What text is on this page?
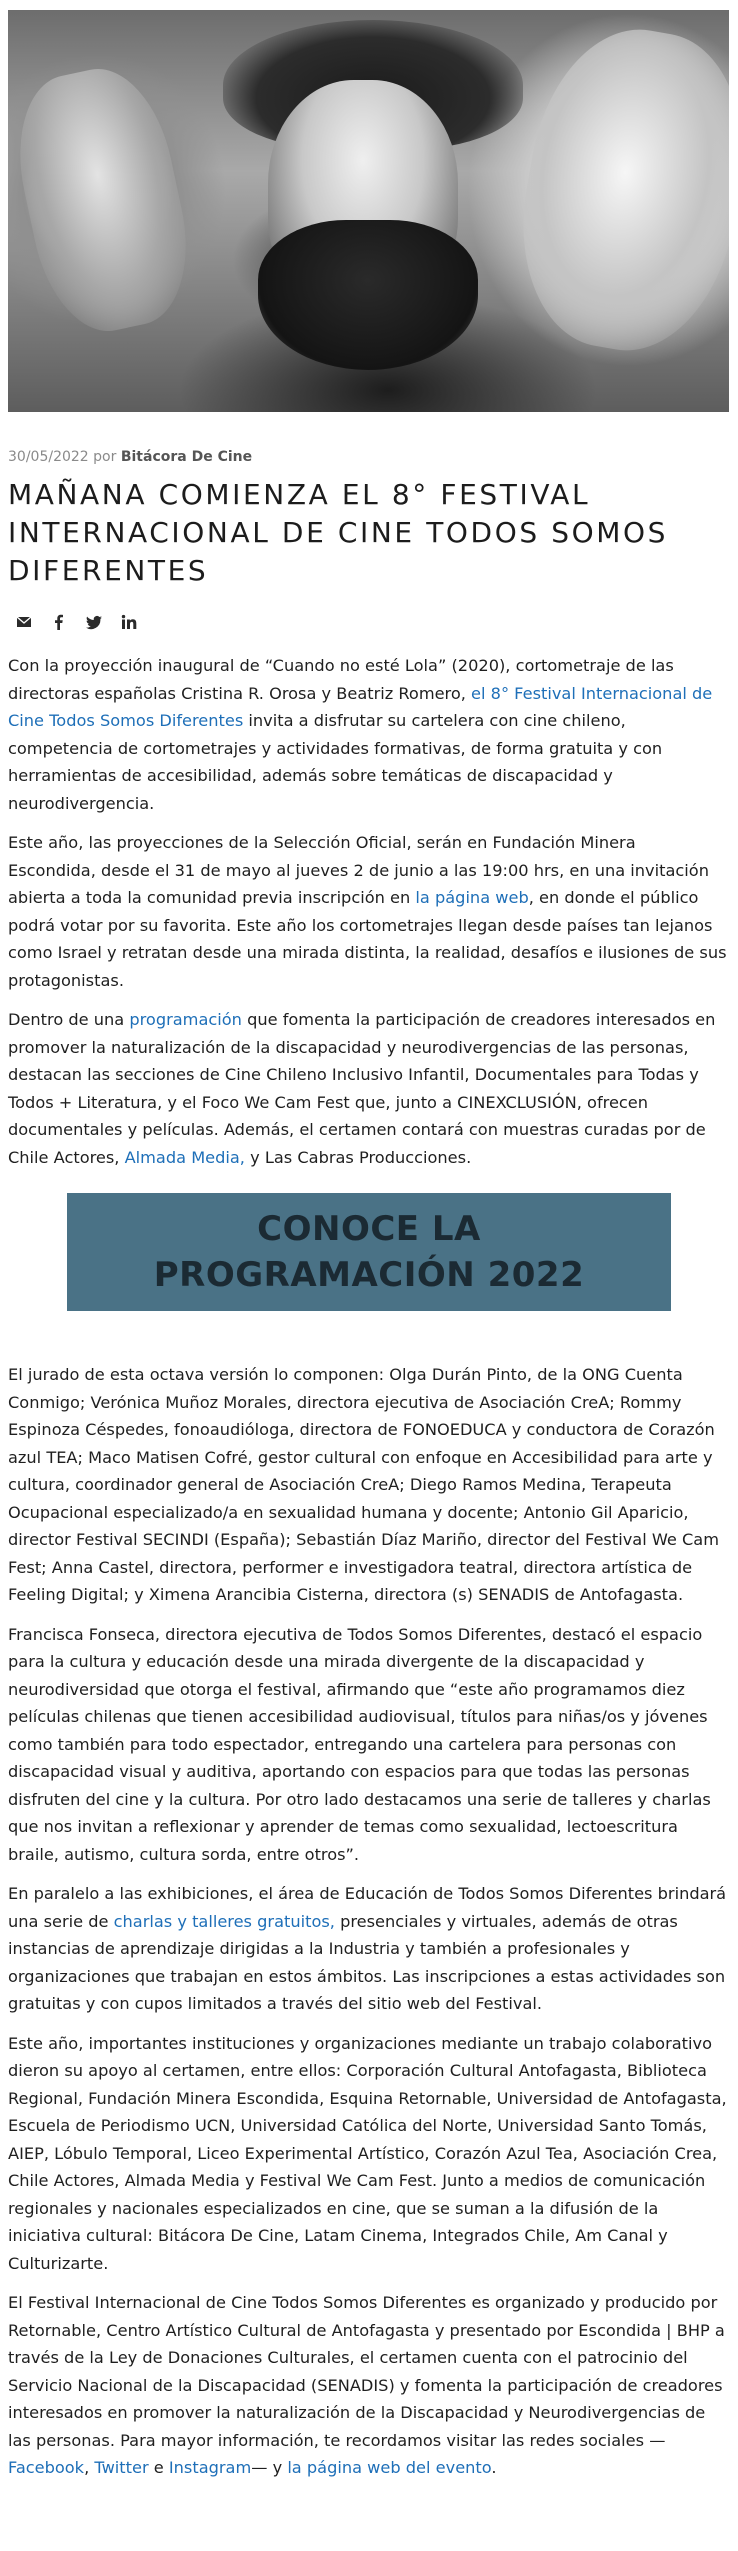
30/05/2022 por Bitácora De Cine
MAÑANA COMIENZA EL 8° FESTIVAL INTERNACIONAL DE CINE TODOS SOMOS DIFERENTES

Con la proyección inaugural de “Cuando no esté Lola” (2020), cortometraje de las directoras españolas Cristina R. Orosa y Beatriz Romero, el 8° Festival Internacional de Cine Todos Somos Diferentes invita a disfrutar su cartelera con cine chileno, competencia de cortometrajes y actividades formativas, de forma gratuita y con herramientas de accesibilidad, además sobre temáticas de discapacidad y neurodivergencia.

Este año, las proyecciones de la Selección Oficial, serán en Fundación Minera Escondida, desde el 31 de mayo al jueves 2 de junio a las 19:00 hrs, en una invitación abierta a toda la comunidad previa inscripción en la página web, en donde el público podrá votar por su favorita. Este año los cortometrajes llegan desde países tan lejanos como Israel y retratan desde una mirada distinta, la realidad, desafíos e ilusiones de sus protagonistas.

Dentro de una programación que fomenta la participación de creadores interesados en promover la naturalización de la discapacidad y neurodivergencias de las personas, destacan las secciones de Cine Chileno Inclusivo Infantil, Documentales para Todas y Todos + Literatura, y el Foco We Cam Fest que, junto a CINEXCLUSIÓN, ofrecen documentales y películas. Además, el certamen contará con muestras curadas por de Chile Actores, Almada Media, y Las Cabras Producciones.

CONOCE LA
PROGRAMACIÓN 2022

El jurado de esta octava versión lo componen: Olga Durán Pinto, de la ONG Cuenta Conmigo; Verónica Muñoz Morales, directora ejecutiva de Asociación CreA; Rommy Espinoza Céspedes, fonoaudióloga, directora de FONOEDUCA y conductora de Corazón azul TEA; Maco Matisen Cofré, gestor cultural con enfoque en Accesibilidad para arte y cultura, coordinador general de Asociación CreA; Diego Ramos Medina, Terapeuta Ocupacional especializado/a en sexualidad humana y docente; Antonio Gil Aparicio, director Festival SECINDI (España); Sebastián Díaz Mariño, director del Festival We Cam Fest; Anna Castel, directora, performer e investigadora teatral, directora artística de Feeling Digital; y Ximena Arancibia Cisterna, directora (s) SENADIS de Antofagasta.

Francisca Fonseca, directora ejecutiva de Todos Somos Diferentes, destacó el espacio para la cultura y educación desde una mirada divergente de la discapacidad y neurodiversidad que otorga el festival, afirmando que “este año programamos diez películas chilenas que tienen accesibilidad audiovisual, títulos para niñas/os y jóvenes como también para todo espectador, entregando una cartelera para personas con discapacidad visual y auditiva, aportando con espacios para que todas las personas disfruten del cine y la cultura. Por otro lado destacamos una serie de talleres y charlas que nos invitan a reflexionar y aprender de temas como sexualidad, lectoescritura braile, autismo, cultura sorda, entre otros”.

En paralelo a las exhibiciones, el área de Educación de Todos Somos Diferentes brindará una serie de charlas y talleres gratuitos, presenciales y virtuales, además de otras instancias de aprendizaje dirigidas a la Industria y también a profesionales y organizaciones que trabajan en estos ámbitos. Las inscripciones a estas actividades son gratuitas y con cupos limitados a través del sitio web del Festival.

Este año, importantes instituciones y organizaciones mediante un trabajo colaborativo dieron su apoyo al certamen, entre ellos: Corporación Cultural Antofagasta, Biblioteca Regional, Fundación Minera Escondida, Esquina Retornable, Universidad de Antofagasta, Escuela de Periodismo UCN, Universidad Católica del Norte, Universidad Santo Tomás, AIEP, Lóbulo Temporal, Liceo Experimental Artístico, Corazón Azul Tea, Asociación Crea, Chile Actores, Almada Media y Festival We Cam Fest. Junto a medios de comunicación regionales y nacionales especializados en cine, que se suman a la difusión de la iniciativa cultural: Bitácora De Cine, Latam Cinema, Integrados Chile, Am Canal y Culturizarte.

El Festival Internacional de Cine Todos Somos Diferentes es organizado y producido por Retornable, Centro Artístico Cultural de Antofagasta y presentado por Escondida | BHP a través de la Ley de Donaciones Culturales, el certamen cuenta con el patrocinio del Servicio Nacional de la Discapacidad (SENADIS) y fomenta la participación de creadores interesados en promover la naturalización de la Discapacidad y Neurodivergencias de las personas. Para mayor información, te recordamos visitar las redes sociales —Facebook, Twitter e Instagram— y la página web del evento.
